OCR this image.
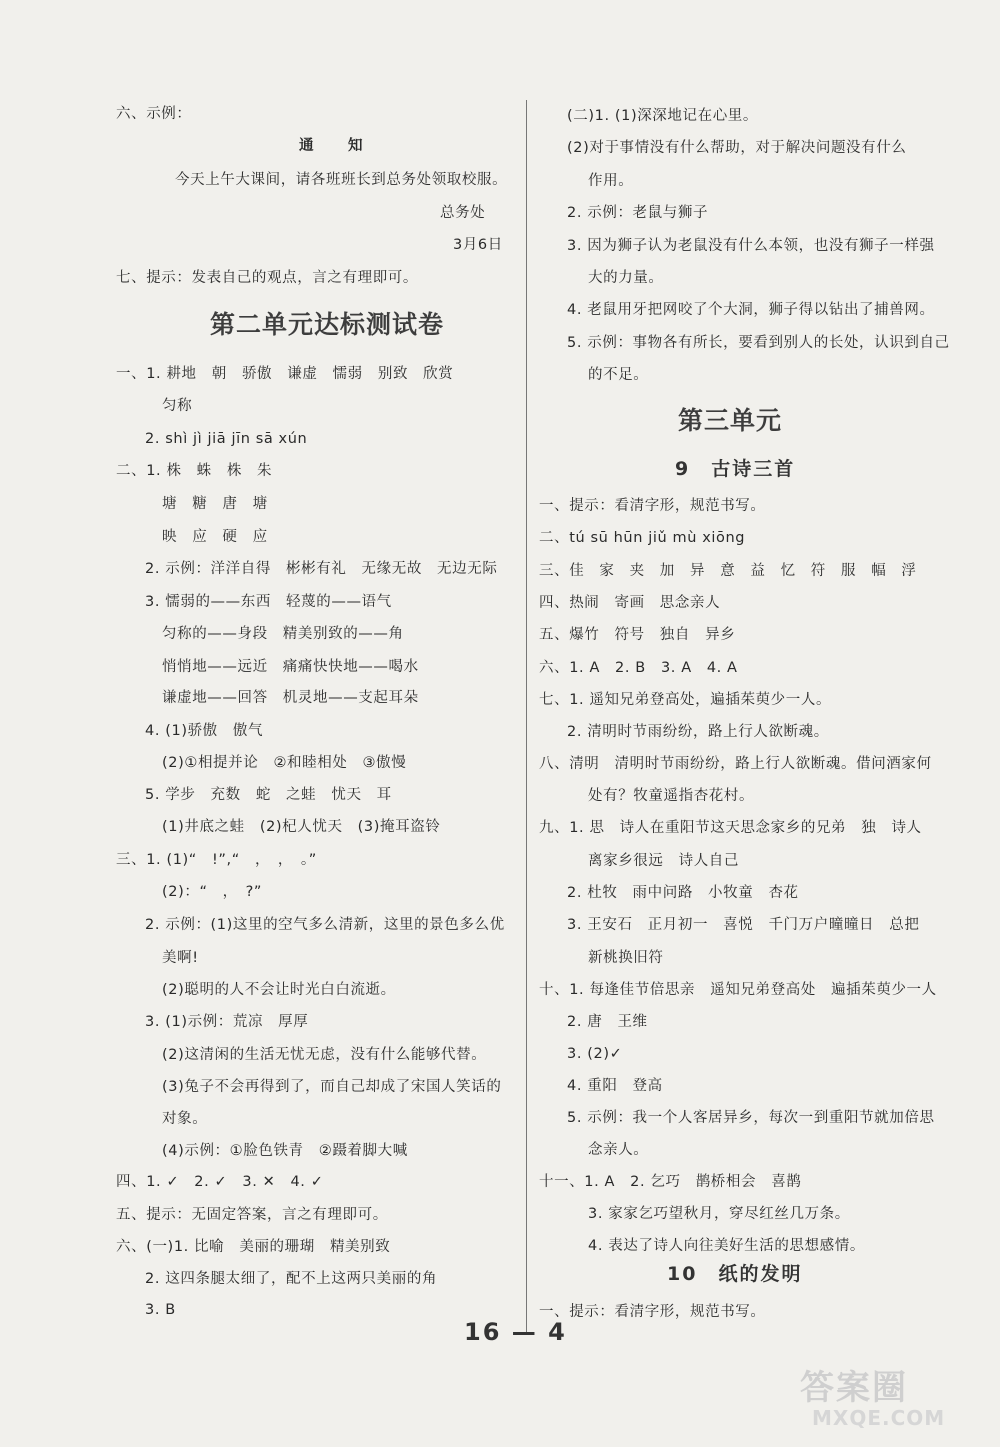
六、示例：
通　知
今天上午大课间，请各班班长到总务处领取校服。
总务处
3月6日
七、提示：发表自己的观点，言之有理即可。
第二单元达标测试卷
一、1. 耕地　朝　骄傲　谦虚　懦弱　别致　欣赏
匀称
2. shì jì jiā jīn sā xún
二、1. 株　蛛　株　朱
塘　糖　唐　塘
映　应　硬　应
2. 示例：洋洋自得　彬彬有礼　无缘无故　无边无际
3. 懦弱的——东西　轻蔑的——语气
匀称的——身段　精美别致的——角
悄悄地——远近　痛痛快快地——喝水
谦虚地——回答　机灵地——支起耳朵
4. (1)骄傲　傲气
(2)①相提并论　②和睦相处　③傲慢
5. 学步　充数　蛇　之蛙　忧天　耳
(1)井底之蛙　(2)杞人忧天　(3)掩耳盗铃
三、1. (1)“　!”,“　，　，　。”
(2)：“　，　?”
2. 示例：(1)这里的空气多么清新，这里的景色多么优
美啊!
(2)聪明的人不会让时光白白流逝。
3. (1)示例：荒凉　厚厚
(2)这清闲的生活无忧无虑，没有什么能够代替。
(3)兔子不会再得到了，而自己却成了宋国人笑话的
对象。
(4)示例：①脸色铁青　②蹑着脚大喊
四、1. ✓　2. ✓　3. ✕　4. ✓
五、提示：无固定答案，言之有理即可。
六、(一)1. 比喻　美丽的珊瑚　精美别致
2. 这四条腿太细了，配不上这两只美丽的角
3. B
(二)1. (1)深深地记在心里。
(2)对于事情没有什么帮助，对于解决问题没有什么
作用。
2. 示例：老鼠与狮子
3. 因为狮子认为老鼠没有什么本领，也没有狮子一样强
大的力量。
4. 老鼠用牙把网咬了个大洞，狮子得以钻出了捕兽网。
5. 示例：事物各有所长，要看到别人的长处，认识到自己
的不足。
第三单元
9　古诗三首
一、提示：看清字形，规范书写。
二、tú sū hūn jiǔ mù xiōng
三、佳　家　夹　加　异　意　益　忆　符　服　幅　浮
四、热闹　寄画　思念亲人
五、爆竹　符号　独自　异乡
六、1. A　2. B　3. A　4. A
七、1. 遥知兄弟登高处，遍插茱萸少一人。
2. 清明时节雨纷纷，路上行人欲断魂。
八、清明　清明时节雨纷纷，路上行人欲断魂。借问酒家何
处有？牧童遥指杏花村。
九、1. 思　诗人在重阳节这天思念家乡的兄弟　独　诗人
离家乡很远　诗人自己
2. 杜牧　雨中问路　小牧童　杏花
3. 王安石　正月初一　喜悦　千门万户曈曈日　总把
新桃换旧符
十、1. 每逢佳节倍思亲　遥知兄弟登高处　遍插茱萸少一人
2. 唐　王维
3. (2)✓
4. 重阳　登高
5. 示例：我一个人客居异乡，每次一到重阳节就加倍思
念亲人。
十一、1. A　2. 乞巧　鹊桥相会　喜鹊
3. 家家乞巧望秋月，穿尽红丝几万条。
4. 表达了诗人向往美好生活的思想感情。
10　纸的发明
一、提示：看清字形，规范书写。
16 — 4
答案圈
MXQE.COM
